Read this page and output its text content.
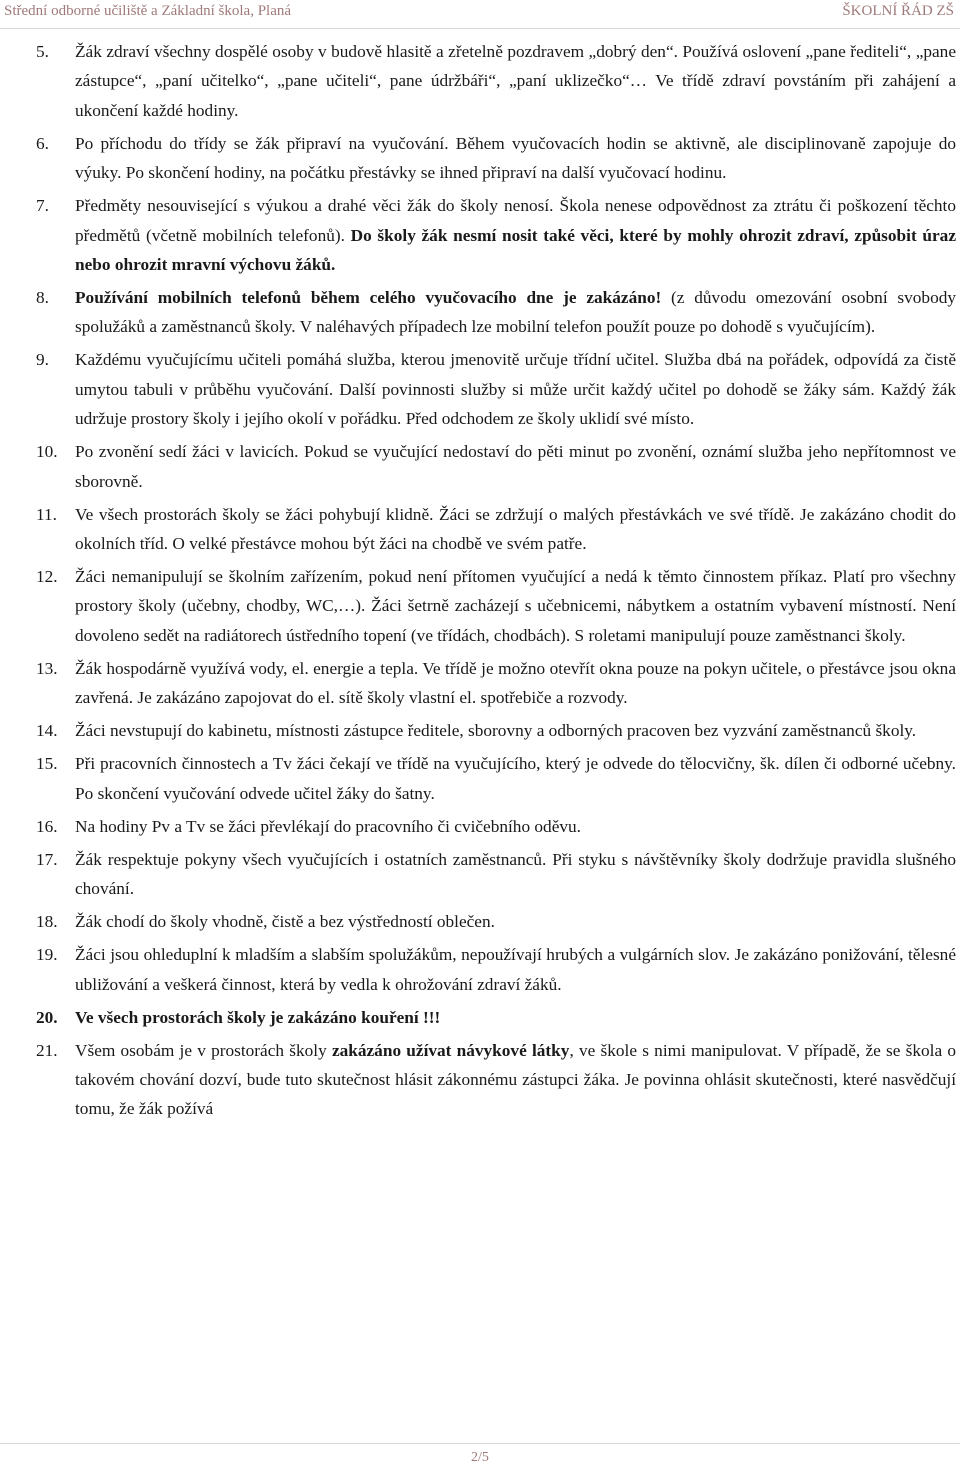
Střední odborné učiliště a Základní škola, Planá	ŠKOLNÍ ŘÁD ZŠ
5.	Žák zdraví všechny dospělé osoby v budově hlasitě a zřetelně pozdravem „dobrý den“. Používá oslovení „pane řediteli“, „pane zástupce“, „paní učitelko“, „pane učiteli“, pane údržbáři“, „paní uklizečko“… Ve třídě zdraví povstáním při zahájení a ukončení každé hodiny.
6.	Po příchodu do třídy se žák připraví na vyučování. Během vyučovacích hodin se aktivně, ale disciplinovaně zapojuje do výuky. Po skončení hodiny, na počátku přestávky se ihned připraví na další vyučovací hodinu.
7.	Předměty nesouvisející s výukou a drahé věci žák do školy nenosí. Škola nenese odpovědnost za ztrátu či poškození těchto předmětů (včetně mobilních telefonů). Do školy žák nesmí nosit také věci, které by mohly ohrozit zdraví, způsobit úraz nebo ohrozit mravní výchovu žáků.
8.	Používání mobilních telefonů během celého vyučovacího dne je zakázáno! (z důvodu omezování osobní svobody spolužáků a zaměstnanců školy. V naléhavých případech lze mobilní telefon použít pouze po dohodě s vyučujícím).
9.	Každému vyučujícímu učiteli pomáhá služba, kterou jmenovitě určuje třídní učitel. Služba dbá na pořádek, odpovídá za čistě umytou tabuli v průběhu vyučování. Další povinnosti služby si může určit každý učitel po dohodě se žáky sám. Každý žák udržuje prostory školy i jejího okolí v pořádku. Před odchodem ze školy uklidí své místo.
10.	Po zvonění sedí žáci v lavicích. Pokud se vyučující nedostaví do pěti minut po zvonění, oznámí služba jeho nepřítomnost ve sborovně.
11.	Ve všech prostorách školy se žáci pohybují klidně. Žáci se zdržují o malých přestávkách ve své třídě. Je zakázáno chodit do okolních tříd. O velké přestávce mohou být žáci na chodbě ve svém patře.
12.	Žáci nemanipulují se školním zařízením, pokud není přítomen vyučující a nedá k těmto činnostem příkaz. Platí pro všechny prostory školy (učebny, chodby, WC,…). Žáci šetrně zacházejí s učebnicemi, nábytkem a ostatním vybavení místností. Není dovoleno sedět na radiátorech ústředního topení (ve třídách, chodbách). S roletami manipulují pouze zaměstnanci školy.
13.	Žák hospodárně využívá vody, el. energie a tepla. Ve třídě je možno otevřít okna pouze na pokyn učitele, o přestávce jsou okna zavřená. Je zakázáno zapojovat do el. sítě školy vlastní el. spotřebiče a rozvody.
14.	Žáci nevstupují do kabinetu, místnosti zástupce ředitele, sborovny a odborných pracoven bez vyzvání zaměstnanců školy.
15.	Při pracovních činnostech a Tv žáci čekají ve třídě na vyučujícího, který je odvede do tělocvičny, šk. dílen či odborné učebny. Po skončení vyučování odvede učitel žáky do šatny.
16.	Na hodiny Pv a Tv se žáci převlékají do pracovního či cvičebního oděvu.
17.	Žák respektuje pokyny všech vyučujících i ostatních zaměstnanců. Při styku s návštěvníky školy dodržuje pravidla slušného chování.
18.	Žák chodí do školy vhodně, čistě a bez výstředností oblečen.
19.	Žáci jsou ohleduplní k mladším a slabším spolužákům, nepoužívají hrubých a vulgárních slov. Je zakázáno ponižování, tělesné ubližování a veškerá činnost, která by vedla k ohrožování zdraví žáků.
20.	Ve všech prostorách školy je zakázáno kouření !!!
21.	Všem osobám je v prostorách školy zakázáno užívat návykové látky, ve škole s nimi manipulovat. V případě, že se škola o takovém chování dozví, bude tuto skutečnost hlásit zákonnému zástupci žáka. Je povinna ohlásit skutečnosti, které nasvědčují tomu, že žák požívá
2/5
